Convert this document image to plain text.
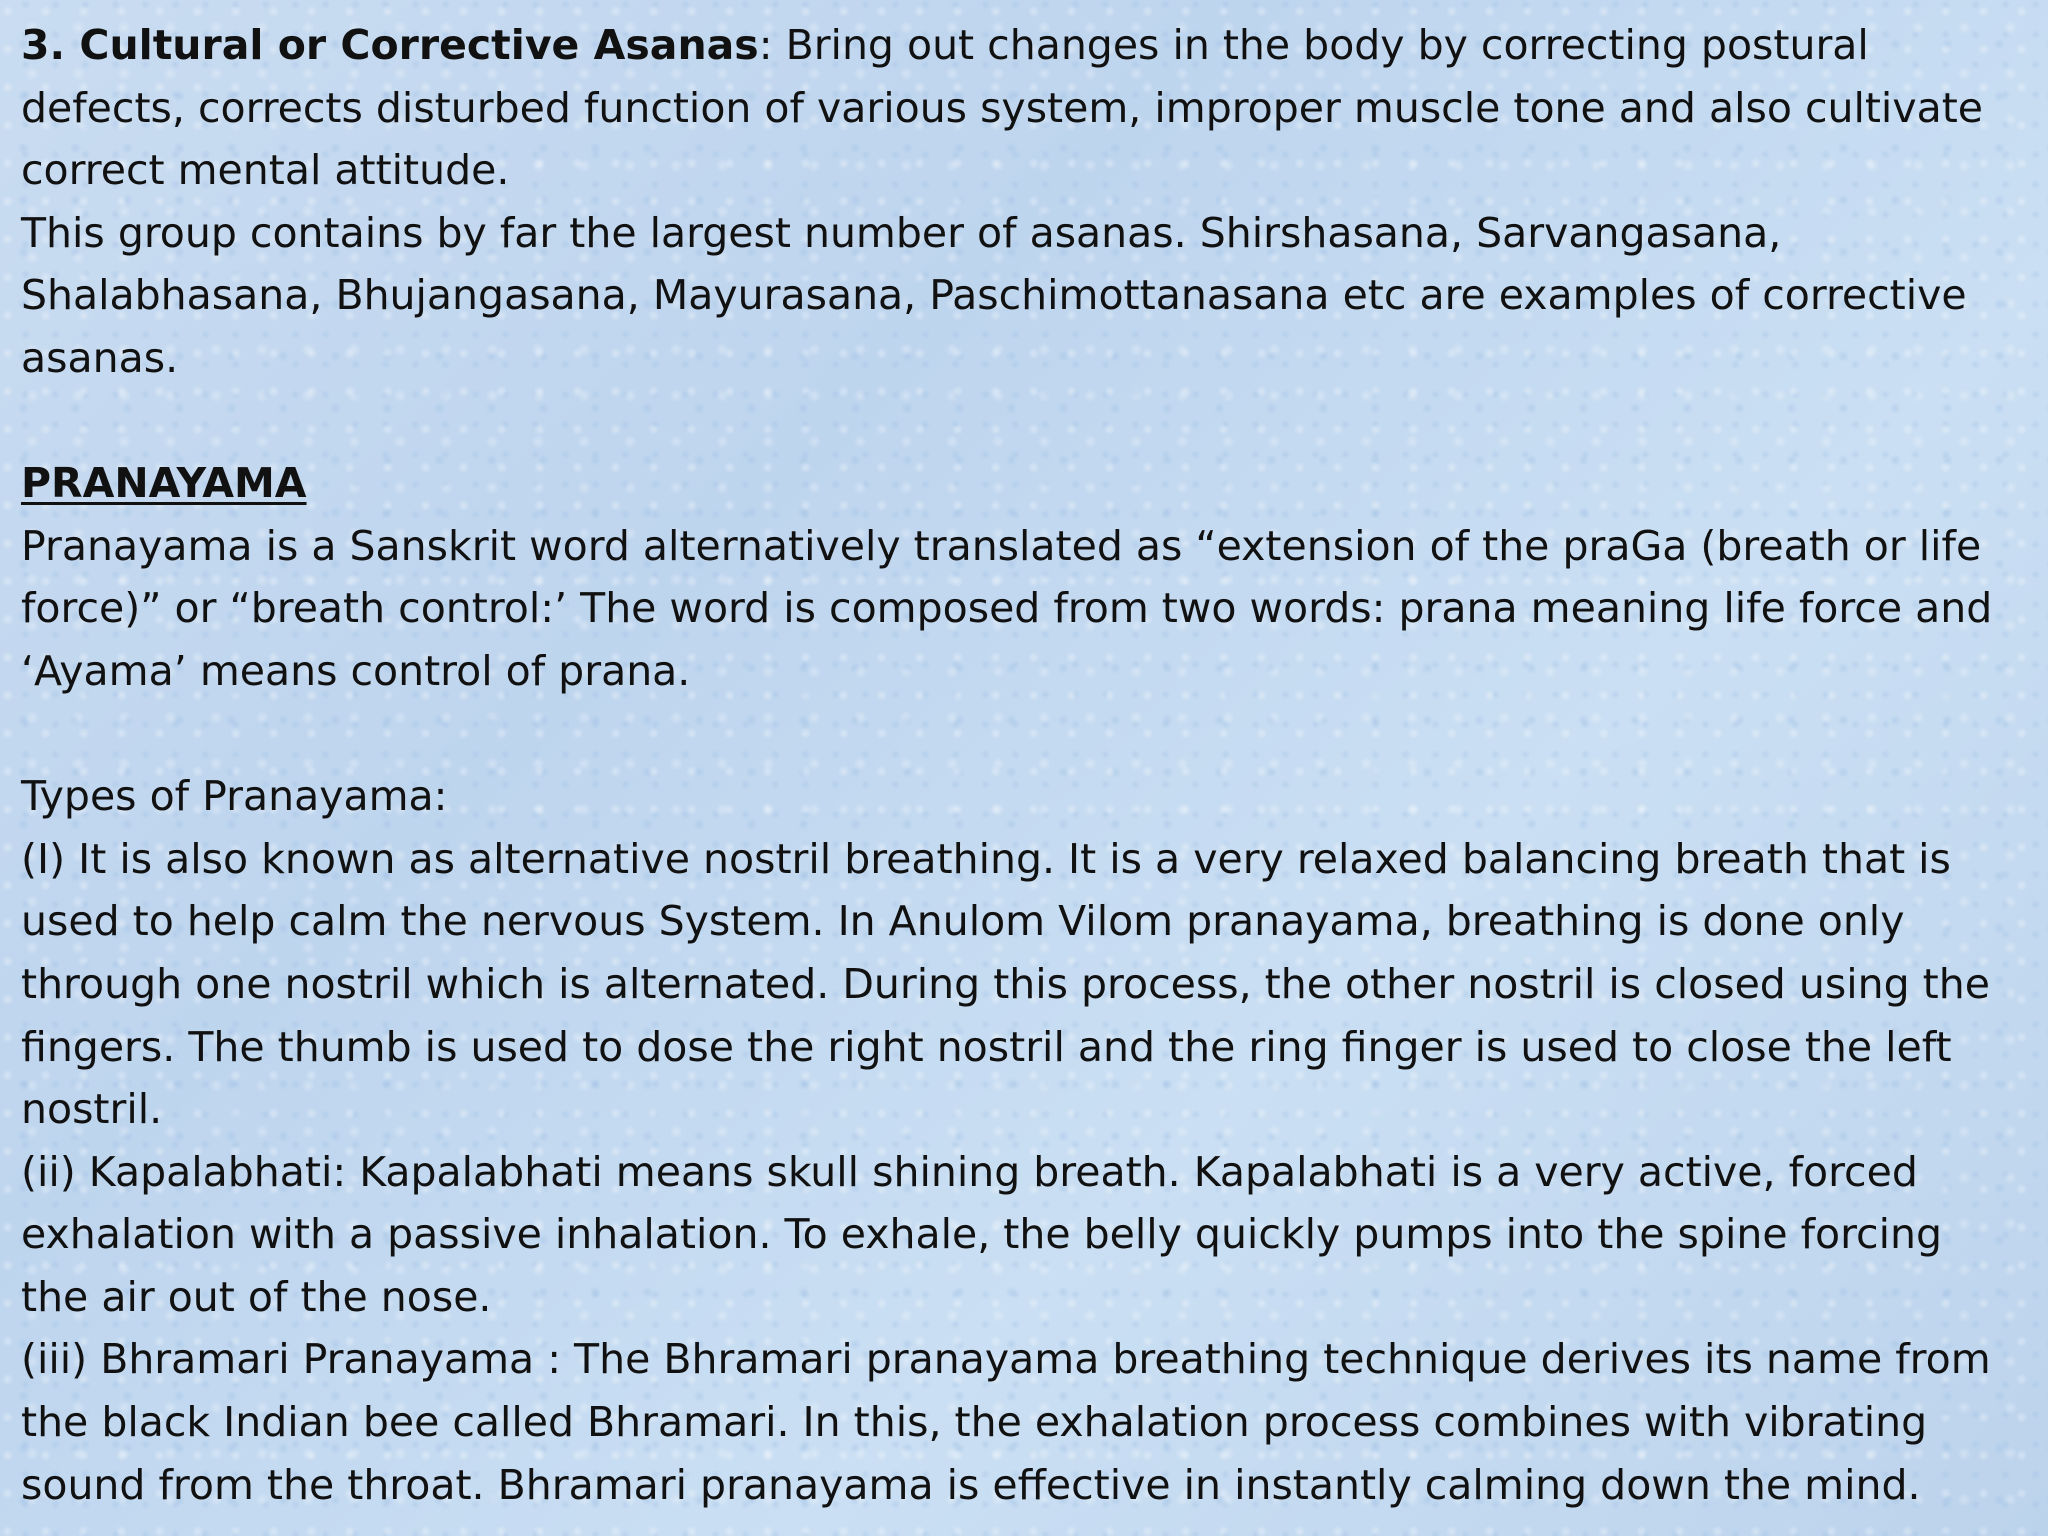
3. Cultural or Corrective Asanas: Bring out changes in the body by correcting postural defects, corrects disturbed function of various system, improper muscle tone and also cultivate correct mental attitude.

This group contains by far the largest number of asanas. Shirshasana, Sarvangasana, Shalabhasana, Bhujangasana, Mayurasana, Paschimottanasana etc are examples of corrective asanas.

PRANAYAMA

Pranayama is a Sanskrit word alternatively translated as “extension of the praGa (breath or life force)” or “breath control:’ The word is composed from two words: prana meaning life force and ‘Ayama’ means control of prana.

Types of Pranayama:

(I) It is also known as alternative nostril breathing. It is a very relaxed balancing breath that is used to help calm the nervous System. In Anulom Vilom pranayama, breathing is done only through one nostril which is alternated. During this process, the other nostril is closed using the fingers. The thumb is used to dose the right nostril and the ring finger is used to close the left nostril.

(ii) Kapalabhati: Kapalabhati means skull shining breath. Kapalabhati is a very active, forced exhalation with a passive inhalation. To exhale, the belly quickly pumps into the spine forcing the air out of the nose.

(iii) Bhramari Pranayama : The Bhramari pranayama breathing technique derives its name from the black Indian bee called Bhramari. In this, the exhalation process combines with vibrating sound from the throat. Bhramari pranayama is effective in instantly calming down the mind.
